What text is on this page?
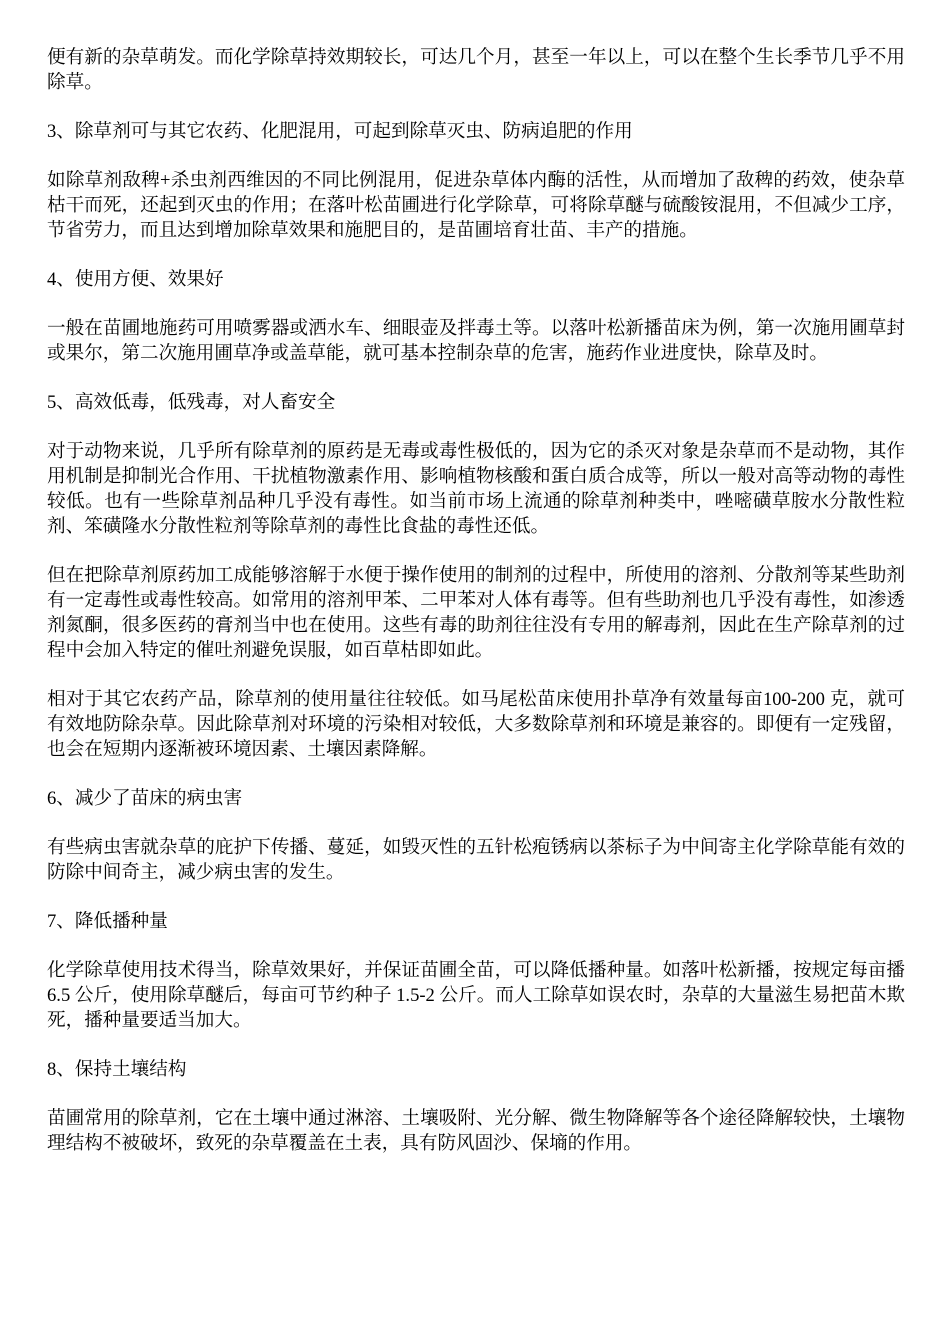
便有新的杂草萌发。而化学除草持效期较长，可达几个月，甚至一年以上，可以在整个生长季节几乎不用除草。

3、除草剂可与其它农药、化肥混用，可起到除草灭虫、防病追肥的作用

如除草剂敌稗+杀虫剂西维因的不同比例混用，促进杂草体内酶的活性，从而增加了敌稗的药效，使杂草枯干而死，还起到灭虫的作用；在落叶松苗圃进行化学除草，可将除草醚与硫酸铵混用，不但减少工序，节省劳力，而且达到增加除草效果和施肥目的，是苗圃培育壮苗、丰产的措施。

4、使用方便、效果好

一般在苗圃地施药可用喷雾器或洒水车、细眼壶及拌毒土等。以落叶松新播苗床为例，第一次施用圃草封或果尔，第二次施用圃草净或盖草能，就可基本控制杂草的危害，施药作业进度快，除草及时。

5、高效低毒，低残毒，对人畜安全

对于动物来说，几乎所有除草剂的原药是无毒或毒性极低的，因为它的杀灭对象是杂草而不是动物，其作用机制是抑制光合作用、干扰植物激素作用、影响植物核酸和蛋白质合成等，所以一般对高等动物的毒性较低。也有一些除草剂品种几乎没有毒性。如当前市场上流通的除草剂种类中，唑嘧磺草胺水分散性粒剂、笨磺隆水分散性粒剂等除草剂的毒性比食盐的毒性还低。

但在把除草剂原药加工成能够溶解于水便于操作使用的制剂的过程中，所使用的溶剂、分散剂等某些助剂有一定毒性或毒性较高。如常用的溶剂甲苯、二甲苯对人体有毒等。但有些助剂也几乎没有毒性，如渗透剂氮酮，很多医药的膏剂当中也在使用。这些有毒的助剂往往没有专用的解毒剂，因此在生产除草剂的过程中会加入特定的催吐剂避免误服，如百草枯即如此。

相对于其它农药产品，除草剂的使用量往往较低。如马尾松苗床使用扑草净有效量每亩100-200 克，就可有效地防除杂草。因此除草剂对环境的污染相对较低，大多数除草剂和环境是兼容的。即便有一定残留，也会在短期内逐渐被环境因素、土壤因素降解。

6、减少了苗床的病虫害

有些病虫害就杂草的庇护下传播、蔓延，如毁灭性的五针松疱锈病以茶标子为中间寄主化学除草能有效的防除中间奇主，减少病虫害的发生。

7、降低播种量

化学除草使用技术得当，除草效果好，并保证苗圃全苗，可以降低播种量。如落叶松新播，按规定每亩播 6.5 公斤，使用除草醚后，每亩可节约种子 1.5-2 公斤。而人工除草如误农时，杂草的大量滋生易把苗木欺死，播种量要适当加大。

8、保持土壤结构

苗圃常用的除草剂，它在土壤中通过淋溶、土壤吸附、光分解、微生物降解等各个途径降解较快，土壤物理结构不被破坏，致死的杂草覆盖在土表，具有防风固沙、保墒的作用。
